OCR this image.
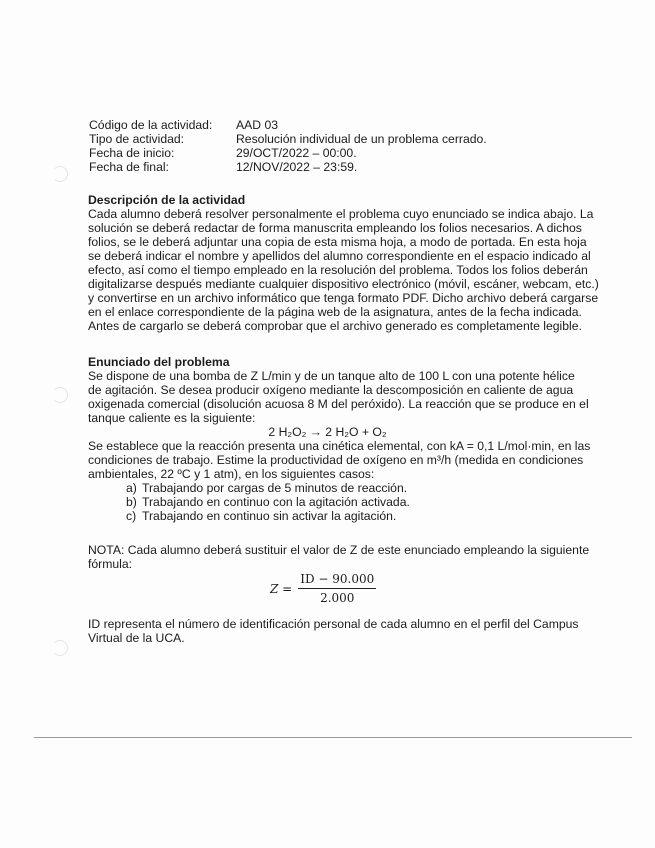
Código de la actividad: AAD 03
Tipo de actividad:	Resolución individual de un problema cerrado.
Fecha de inicio:	29/OCT/2022 – 00:00.
Fecha de final:	12/NOV/2022 – 23:59.
Descripción de la actividad
Cada alumno deberá resolver personalmente el problema cuyo enunciado se indica abajo. La
solución se deberá redactar de forma manuscrita empleando los folios necesarios. A dichos
folios, se le deberá adjuntar una copia de esta misma hoja, a modo de portada. En esta hoja
se deberá indicar el nombre y apellidos del alumno correspondiente en el espacio indicado al
efecto, así como el tiempo empleado en la resolución del problema. Todos los folios deberán
digitalizarse después mediante cualquier dispositivo electrónico (móvil, escáner, webcam, etc.)
y convertirse en un archivo informático que tenga formato PDF. Dicho archivo deberá cargarse
en el enlace correspondiente de la página web de la asignatura, antes de la fecha indicada.
Antes de cargarlo se deberá comprobar que el archivo generado es completamente legible.
Enunciado del problema
Se dispone de una bomba de Z L/min y de un tanque alto de 100 L con una potente hélice
de agitación. Se desea producir oxígeno mediante la descomposición en caliente de agua
oxigenada comercial (disolución acuosa 8 M del peróxido). La reacción que se produce en el
tanque caliente es la siguiente:
2 H₂O₂ → 2 H₂O + O₂
Se establece que la reacción presenta una cinética elemental, con kA = 0,1 L/mol·min, en las
condiciones de trabajo. Estime la productividad de oxígeno en m³/h (medida en condiciones
ambientales, 22 ºC y 1 atm), en los siguientes casos:
a) Trabajando por cargas de 5 minutos de reacción.
b) Trabajando en continuo con la agitación activada.
c) Trabajando en continuo sin activar la agitación.
NOTA: Cada alumno deberá sustituir el valor de Z de este enunciado empleando la siguiente
fórmula:
$Z = \frac{ID - 90.000}{2.000}$
ID representa el número de identificación personal de cada alumno en el perfil del Campus
Virtual de la UCA.
